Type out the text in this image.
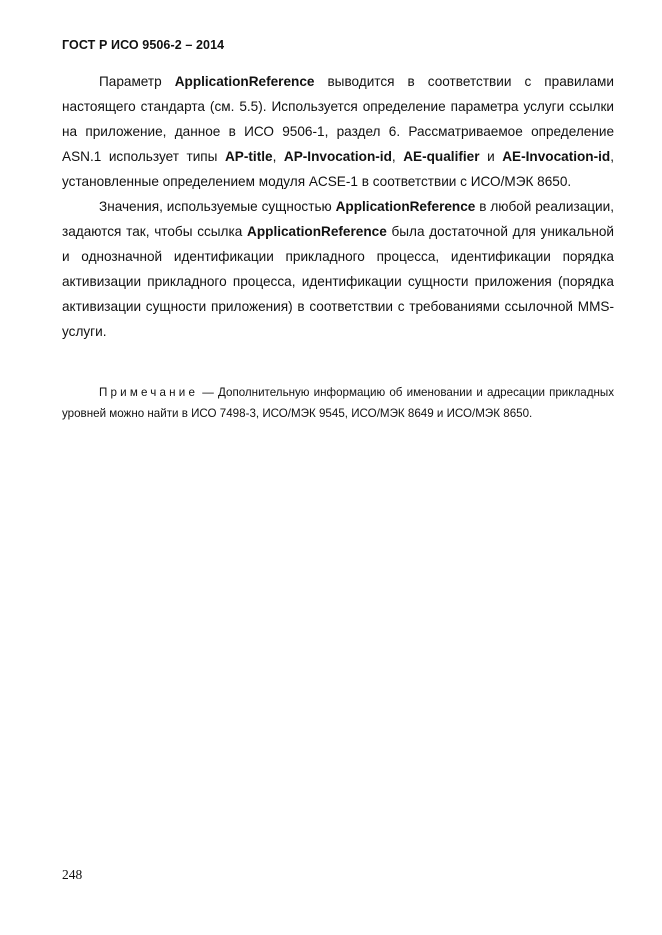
ГОСТ Р ИСО 9506-2 – 2014

Параметр ApplicationReference выводится в соответствии с правилами настоящего стандарта (см. 5.5). Используется определение параметра услуги ссылки на приложение, данное в ИСО 9506-1, раздел 6. Рассматриваемое определение ASN.1 использует типы AP-title, AP-Invocation-id, AE-qualifier и AE-Invocation-id, установленные определением модуля ACSE-1 в соответствии с ИСО/МЭК 8650.

Значения, используемые сущностью ApplicationReference в любой реализации, задаются так, чтобы ссылка ApplicationReference была достаточной для уникальной и однозначной идентификации прикладного процесса, идентификации порядка активизации прикладного процесса, идентификации сущности приложения (порядка активизации сущности приложения) в соответствии с требованиями ссылочной MMS-услуги.

Примечание — Дополнительную информацию об именовании и адресации прикладных уровней можно найти в ИСО 7498-3, ИСО/МЭК 9545, ИСО/МЭК 8649 и ИСО/МЭК 8650.

248
